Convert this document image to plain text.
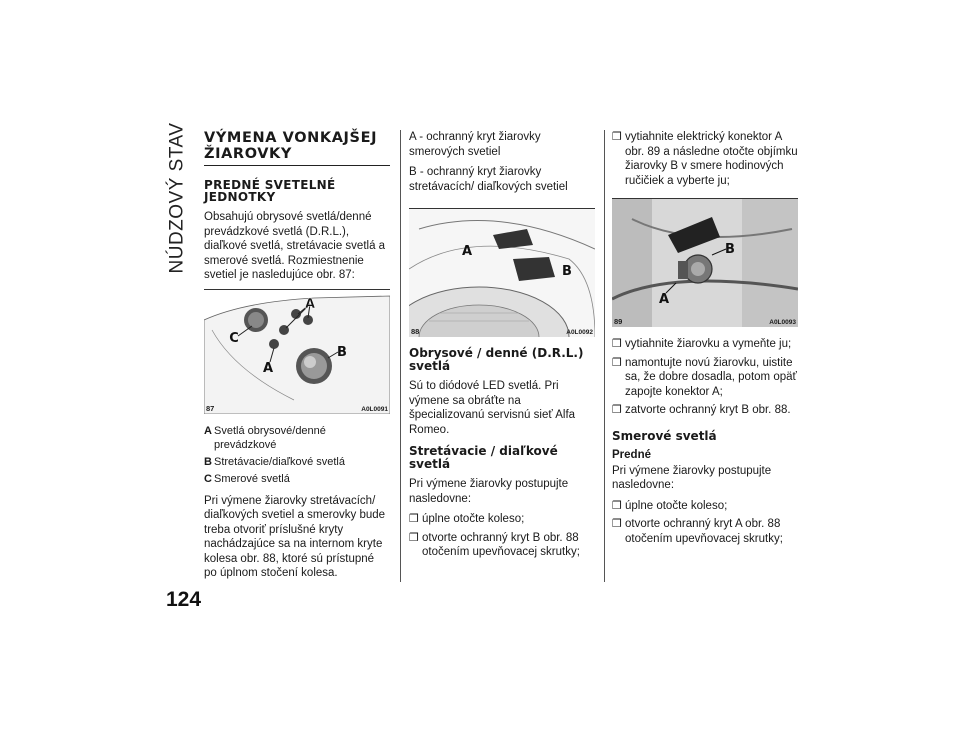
NÚDZOVÝ STAV
124
VÝMENA VONKAJŠEJ ŽIAROVKY
PREDNÉ SVETELNÉ JEDNOTKY

Obsahujú obrysové svetlá/denné prevádzkové svetlá (D.R.L.), diaľkové svetlá, stretávacie svetlá a smerové svetlá. Rozmiestnenie svetiel je nasledujúce obr. 87:

A
C
A
B
87	A0L0091
A Svetlá obrysové/denné prevádzkové
B Stretávacie/diaľkové svetlá
C Smerové svetlá

Pri výmene žiarovky stretávacích/ diaľkových svetiel a smerovky bude treba otvoriť príslušné kryty nachádzajúce sa na internom kryte kolesa obr. 88, ktoré sú prístupné po úplnom stočení kolesa.

A - ochranný kryt žiarovky smerových svetiel

B - ochranný kryt žiarovky stretávacích/ diaľkových svetiel

A
B
88	A0L0092
Obrysové / denné (D.R.L.) svetlá

Sú to diódové LED svetlá. Pri výmene sa obráťte na špecializovanú servisnú sieť Alfa Romeo.

Stretávacie / diaľkové svetlá

Pri výmene žiarovky postupujte nasledovne:

❒ úplne otočte koleso;
❒ otvorte ochranný kryt B obr. 88 otočením upevňovacej skrutky;
❒ vytiahnite elektrický konektor A obr. 89 a následne otočte objímku žiarovky B v smere hodinových ručičiek a vyberte ju;
B
A
89	A0L0093
❒ vytiahnite žiarovku a vymeňte ju;
❒ namontujte novú žiarovku, uistite sa, že dobre dosadla, potom opäť zapojte konektor A;
❒ zatvorte ochranný kryt B obr. 88.
Smerové svetlá
Predné

Pri výmene žiarovky postupujte nasledovne:

❒ úplne otočte koleso;
❒ otvorte ochranný kryt A obr. 88 otočením upevňovacej skrutky;
